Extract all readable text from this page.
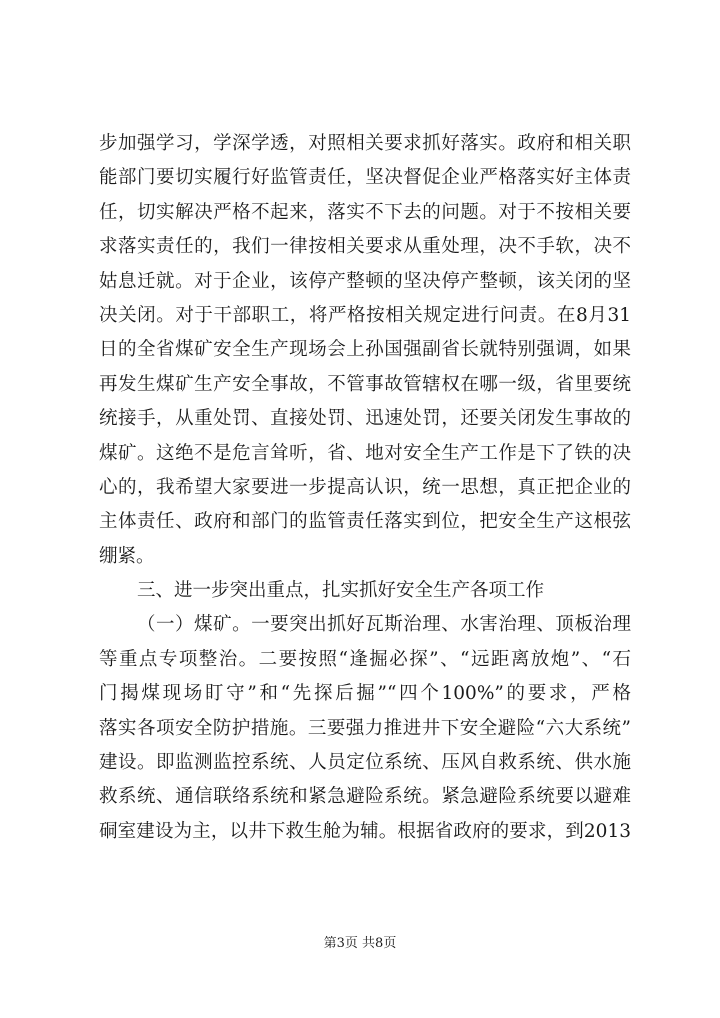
步加强学习，学深学透，对照相关要求抓好落实。政府和相关职
能部门要切实履行好监管责任，坚决督促企业严格落实好主体责
任，切实解决严格不起来，落实不下去的问题。对于不按相关要
求落实责任的，我们一律按相关要求从重处理，决不手软，决不
姑息迁就。对于企业，该停产整顿的坚决停产整顿，该关闭的坚
决关闭。对于干部职工，将严格按相关规定进行问责。在8月31
日的全省煤矿安全生产现场会上孙国强副省长就特别强调，如果
再发生煤矿生产安全事故，不管事故管辖权在哪一级，省里要统
统接手，从重处罚、直接处罚、迅速处罚，还要关闭发生事故的
煤矿。这绝不是危言耸听，省、地对安全生产工作是下了铁的决
心的，我希望大家要进一步提高认识，统一思想，真正把企业的
主体责任、政府和部门的监管责任落实到位，把安全生产这根弦
绷紧。
三、进一步突出重点，扎实抓好安全生产各项工作
（一）煤矿。一要突出抓好瓦斯治理、水害治理、顶板治理
等重点专项整治。二要按照“逢掘必探”、“远距离放炮”、“石
门揭煤现场盯守”和“先探后掘”“四个100%”的要求，严格
落实各项安全防护措施。三要强力推进井下安全避险“六大系统”
建设。即监测监控系统、人员定位系统、压风自救系统、供水施
救系统、通信联络系统和紧急避险系统。紧急避险系统要以避难
硐室建设为主，以井下救生舱为辅。根据省政府的要求，到2013
第3页 共8页
